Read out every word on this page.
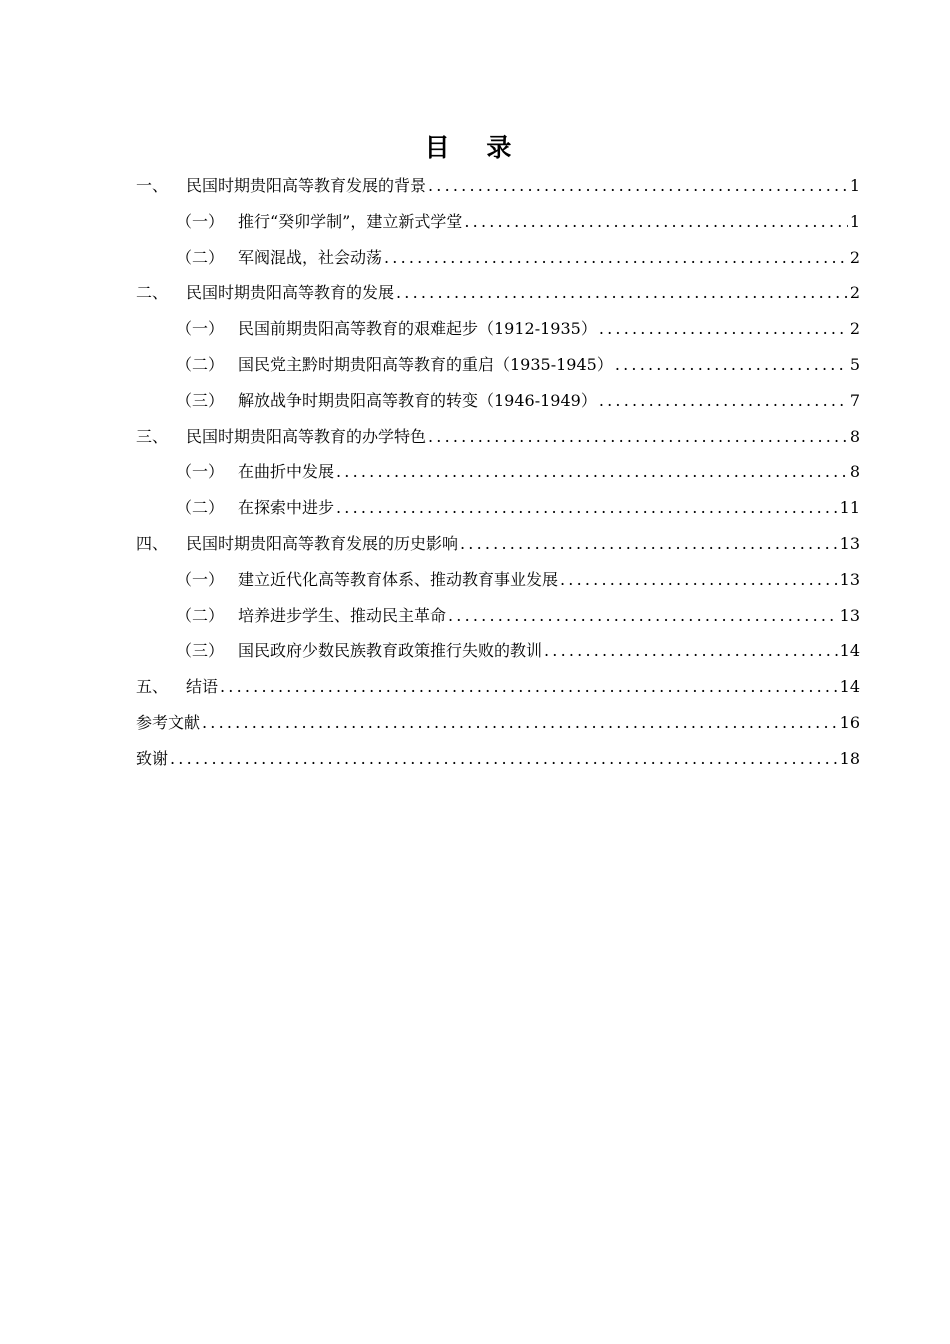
目 录
一、	民国时期贵阳高等教育发展的背景 .....	1
（一） 推行“癸卯学制”，建立新式学堂 .....	1
（二） 军阀混战，社会动荡 .....	2
二、	民国时期贵阳高等教育的发展 .....	2
（一） 民国前期贵阳高等教育的艰难起步（1912-1935） .....	2
（二） 国民党主黔时期贵阳高等教育的重启（1935-1945） .....	5
（三） 解放战争时期贵阳高等教育的转变（1946-1949） .....	7
三、	民国时期贵阳高等教育的办学特色 .....	8
（一） 在曲折中发展 .....	8
（二） 在探索中进步 .....	11
四、	民国时期贵阳高等教育发展的历史影响 .....	13
（一） 建立近代化高等教育体系、推动教育事业发展 .....	13
（二） 培养进步学生、推动民主革命 .....	13
（三） 国民政府少数民族教育政策推行失败的教训 .....	14
五、	结语 .....	14
参考文献 .....	16
致谢 .....	18
